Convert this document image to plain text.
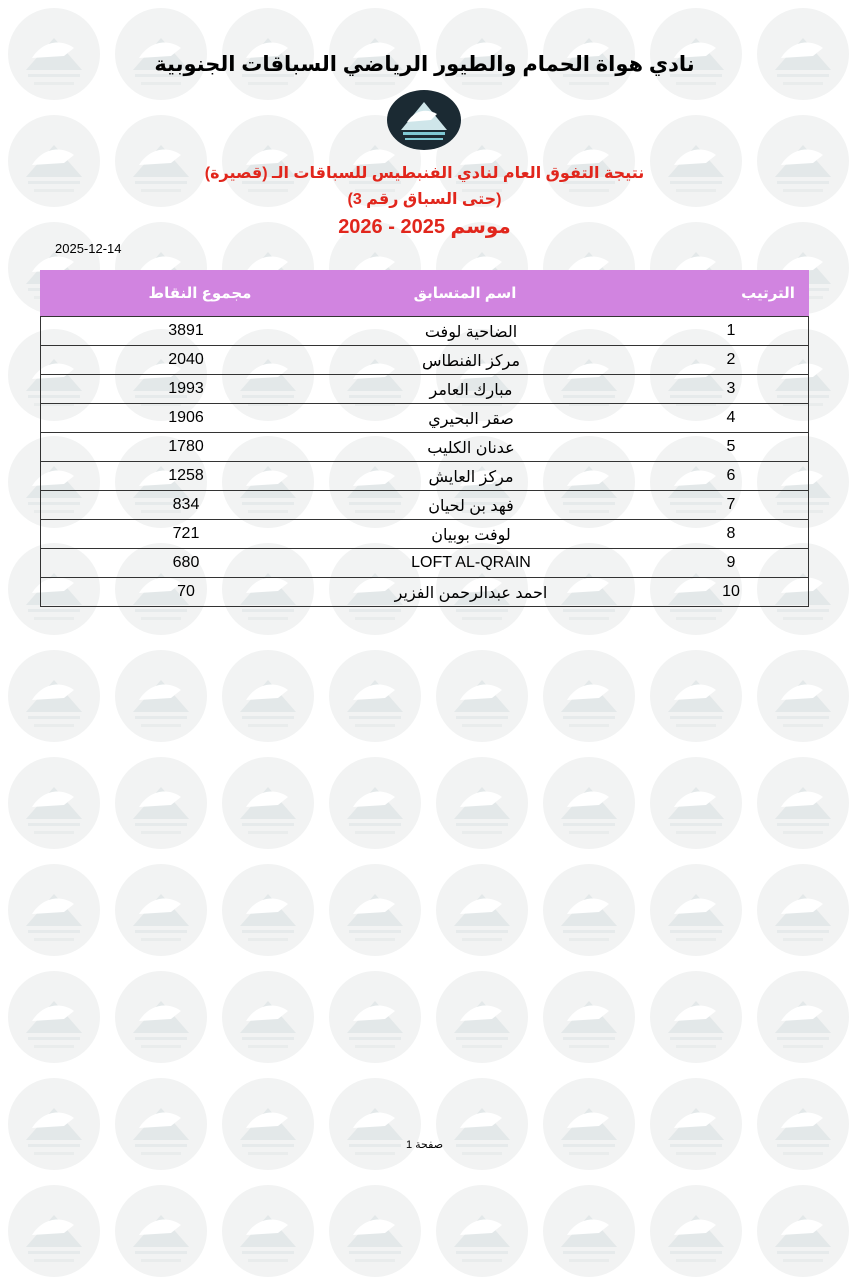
نادي هواة الحمام والطيور الرياضي السباقات الجنوبية
نتيجة التفوق العام لنادي الفنبطيس للسباقات الـ (قصيرة)
(حتى السباق رقم 3)
موسم 2025 - 2026
2025-12-14
الترتيب
اسم المتسابق
مجموع النقاط
1
الضاحية لوفت
3891
2
مركز الفنطاس
2040
3
مبارك العامر
1993
4
صقر البحيري
1906
5
عدنان الكليب
1780
6
مركز العايش
1258
7
فهد بن لحيان
834
8
لوفت بوبيان
721
9
LOFT AL-QRAIN
680
10
احمد عبدالرحمن الفزير
70
صفحة 1
